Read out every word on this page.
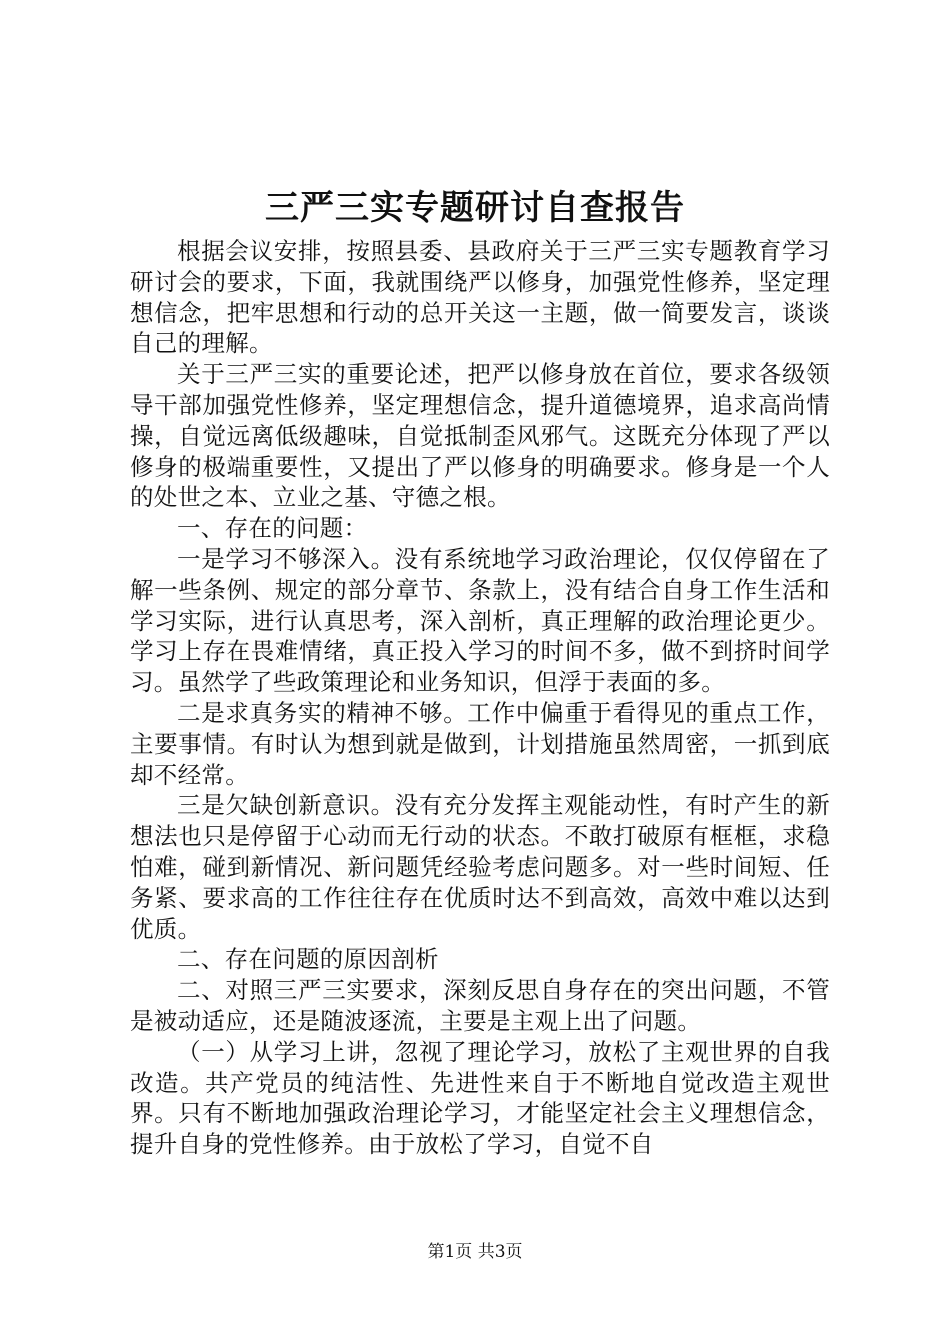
三严三实专题研讨自查报告

根据会议安排，按照县委、县政府关于三严三实专题教育学习研讨会的要求，下面，我就围绕严以修身，加强党性修养，坚定理想信念，把牢思想和行动的总开关这一主题，做一简要发言，谈谈自己的理解。

关于三严三实的重要论述，把严以修身放在首位，要求各级领导干部加强党性修养，坚定理想信念，提升道德境界，追求高尚情操，自觉远离低级趣味，自觉抵制歪风邪气。这既充分体现了严以修身的极端重要性，又提出了严以修身的明确要求。修身是一个人的处世之本、立业之基、守德之根。

一、存在的问题：

一是学习不够深入。没有系统地学习政治理论，仅仅停留在了解一些条例、规定的部分章节、条款上，没有结合自身工作生活和学习实际，进行认真思考，深入剖析，真正理解的政治理论更少。学习上存在畏难情绪，真正投入学习的时间不多，做不到挤时间学习。虽然学了些政策理论和业务知识，但浮于表面的多。

二是求真务实的精神不够。工作中偏重于看得见的重点工作，主要事情。有时认为想到就是做到，计划措施虽然周密，一抓到底却不经常。

三是欠缺创新意识。没有充分发挥主观能动性，有时产生的新想法也只是停留于心动而无行动的状态。不敢打破原有框框，求稳怕难，碰到新情况、新问题凭经验考虑问题多。对一些时间短、任务紧、要求高的工作往往存在优质时达不到高效，高效中难以达到优质。

二、存在问题的原因剖析

二、对照三严三实要求，深刻反思自身存在的突出问题，不管是被动适应，还是随波逐流，主要是主观上出了问题。

（一）从学习上讲，忽视了理论学习，放松了主观世界的自我改造。共产党员的纯洁性、先进性来自于不断地自觉改造主观世界。只有不断地加强政治理论学习，才能坚定社会主义理想信念，提升自身的党性修养。由于放松了学习，自觉不自

第1页 共3页
